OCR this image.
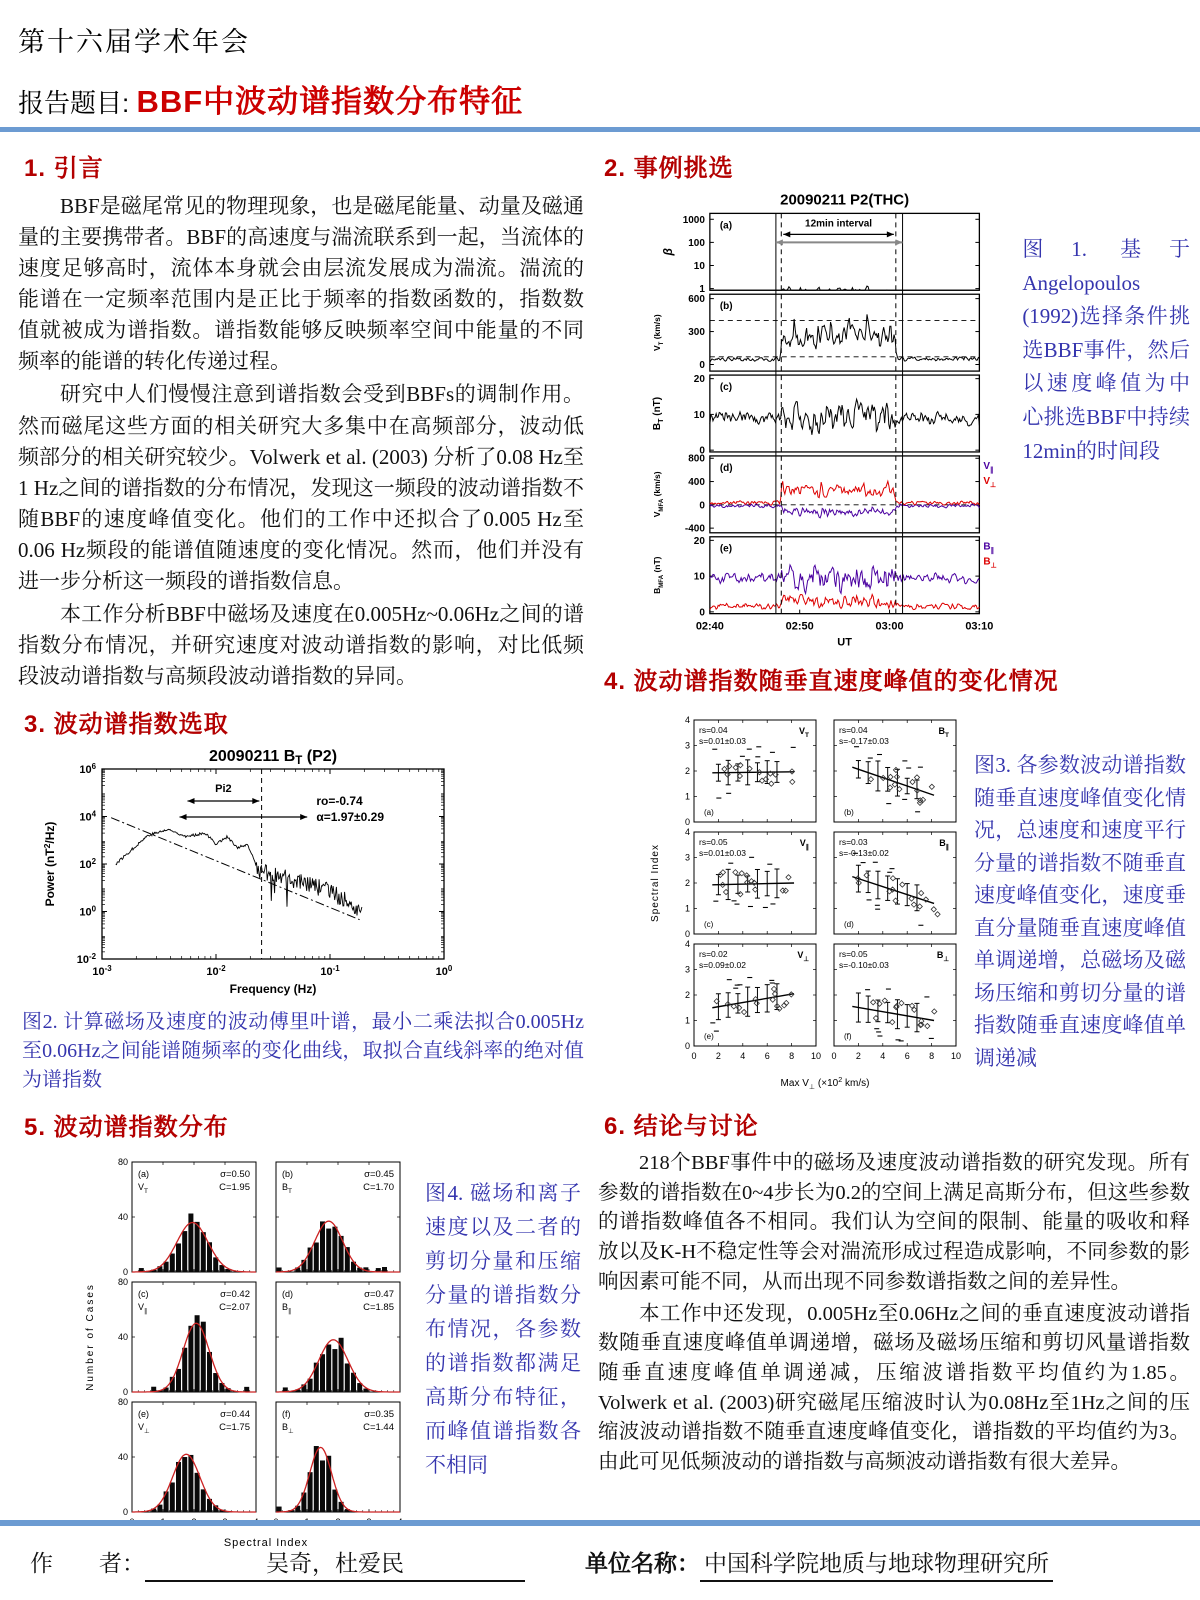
第十六届学术年会
报告题目: BBF中波动谱指数分布特征
1. 引言

BBF是磁尾常见的物理现象，也是磁尾能量、动量及磁通量的主要携带者。BBF的高速度与湍流联系到一起，当流体的速度足够高时，流体本身就会由层流发展成为湍流。湍流的能谱在一定频率范围内是正比于频率的指数函数的，指数数值就被成为谱指数。谱指数能够反映频率空间中能量的不同频率的能谱的转化传递过程。

研究中人们慢慢注意到谱指数会受到BBFs的调制作用。然而磁尾这些方面的相关研究大多集中在高频部分，波动低频部分的相关研究较少。Volwerk et al. (2003) 分析了0.08 Hz至1 Hz之间的谱指数的分布情况，发现这一频段的波动谱指数不随BBF的速度峰值变化。他们的工作中还拟合了0.005 Hz至0.06 Hz频段的能谱值随速度的变化情况。然而，他们并没有进一步分析这一频段的谱指数信息。

本工作分析BBF中磁场及速度在0.005Hz~0.06Hz之间的谱指数分布情况，并研究速度对波动谱指数的影响，对比低频段波动谱指数与高频段波动谱指数的异同。

3. 波动谱指数选取
20090211 BT (P2)
$10^{-2}$
$10^0$
$10^2$
$10^4$
$10^6$
$10^{-3}$	$10^{-2}$	$10^{-1}$	$10^0$
Pi2
ro=-0.74
α=1.97±0.29
Frequency (Hz)
Power $(nT^2/Hz)$
图2. 计算磁场及速度的波动傅里叶谱，最小二乘法拟合0.005Hz至0.06Hz之间能谱随频率的变化曲线，取拟合直线斜率的绝对值为谱指数
5. 波动谱指数分布
0
40
80
(a)
$V_T$
σ=0.50
C=1.95
(b)
$B_T$
σ=0.45
C=1.70
0
40
80
(c)
$V_\parallel$
σ=0.42
C=2.07
(d)
$B_\parallel$
σ=0.47
C=1.85
0
40
80
(e)
$V_\perp$
σ=0.44
C=1.75
(f)
$B_\perp$
σ=0.35
C=1.44
Number of Cases
Spectral Index
图4. 磁场和离子速度以及二者的剪切分量和压缩分量的谱指数分布情况，各参数的谱指数都满足高斯分布特征，而峰值谱指数各不相同
2. 事例挑选
20090211 P2(THC)
1
10
100
1000
β
(a)
0
300
600
$V_T$ (km/s)
(b)
0
10
20
$B_T$ (nT)
(c)
-400
0
400
800
$V_{MFA}$ (km/s)
(d)	$V_\parallel$
$V_\perp$
0
10
20
$B_{MFA}$ (nT)
(e)	$B_\parallel$
$B_\perp$
12min interval
02:40	02:50	03:00	03:10
UT
图1. 基于Angelopoulos (1992)选择条件挑选BBF事件，然后以速度峰值为中心挑选BBF中持续12min的时间段
4. 波动谱指数随垂直速度峰值的变化情况
0
1
2
3
4
rs=0.04
s=0.01±0.03
$V_T$
(a)
rs=0.04
s=-0.17±0.03
$B_T$
(b)
0
1
2
3
4
rs=0.05
s=0.01±0.03
$V_\parallel$
(c)
rs=0.03
s=-0.13±0.02
$B_\parallel$
(d)
0
1
2
3
4
0 2 4 6 8 10
rs=0.02
s=0.09±0.02
$V_\perp$
(e)
0 2 4 6 8 10
rs=0.05
s=-0.10±0.03
$B_\perp$
(f)
Spectral Index
Max $V_\perp$ ($\times 10^2$ km/s)
图3. 各参数波动谱指数随垂直速度峰值变化情况，总速度和速度平行分量的谱指数不随垂直速度峰值变化，速度垂直分量随垂直速度峰值单调递增，总磁场及磁场压缩和剪切分量的谱指数随垂直速度峰值单调递减
6. 结论与讨论

218个BBF事件中的磁场及速度波动谱指数的研究发现。所有参数的谱指数在0~4步长为0.2的空间上满足高斯分布，但这些参数的谱指数峰值各不相同。我们认为空间的限制、能量的吸收和释放以及K-H不稳定性等会对湍流形成过程造成影响，不同参数的影响因素可能不同，从而出现不同参数谱指数之间的差异性。

本工作中还发现，0.005Hz至0.06Hz之间的垂直速度波动谱指数随垂直速度峰值单调递增，磁场及磁场压缩和剪切风量谱指数随垂直速度峰值单调递减，压缩波谱指数平均值约为1.85。Volwerk et al. (2003)研究磁尾压缩波时认为0.08Hz至1Hz之间的压缩波波动谱指数不随垂直速度峰值变化，谱指数的平均值约为3。由此可见低频波动的谱指数与高频波动谱指数有很大差异。

作　　者：	吴奇，杜爱民	单位名称： 中国科学院地质与地球物理研究所
